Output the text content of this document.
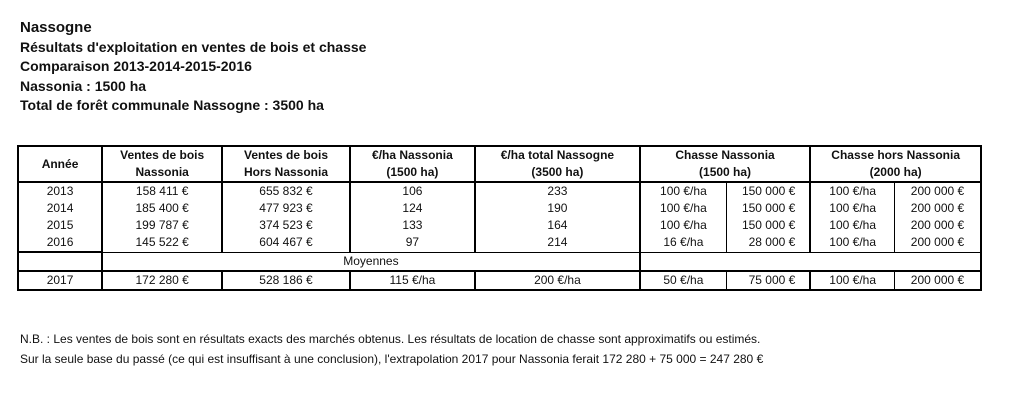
Nassogne
Résultats d'exploitation en ventes de bois et chasse
Comparaison 2013-2014-2015-2016
Nassonia : 1500 ha
Total de forêt communale Nassogne : 3500 ha
Année	Ventes de bois	Ventes de bois	€/ha Nassonia	€/ha total Nassogne	Chasse Nassonia		Chasse hors Nassonia	
	Nassonia	Hors Nassonia	(1500 ha)	(3500 ha)	(1500 ha)		(2000 ha)	
2013	158 411 €	655 832 €	106	233	100 €/ha	150 000 €	100 €/ha	200 000 €
2014	185 400 €	477 923 €	124	190	100 €/ha	150 000 €	100 €/ha	200 000 €
2015	199 787 €	374 523 €	133	164	100 €/ha	150 000 €	100 €/ha	200 000 €
2016	145 522 €	604 467 €	97	214	16 €/ha	28 000 €	100 €/ha	200 000 €
	Moyennes							
2017	172 280 €	528 186 €	115 €/ha	200 €/ha	50 €/ha	75 000 €	100 €/ha	200 000 €
N.B. : Les ventes de bois sont en résultats exacts des marchés obtenus. Les résultats de location de chasse sont approximatifs ou estimés.
Sur la seule base du passé (ce qui est insuffisant à une conclusion), l'extrapolation 2017 pour Nassonia ferait 172 280 + 75 000 = 247 280 €
